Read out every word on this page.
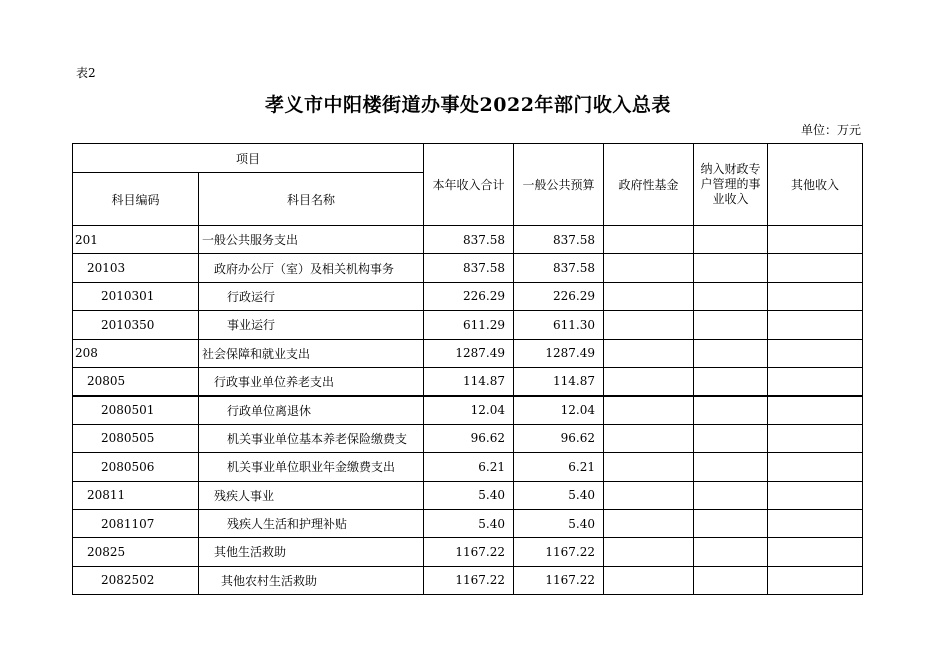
表2
孝义市中阳楼街道办事处2022年部门收入总表
单位：万元
项目		本年收入合计	一般公共预算	政府性基金	纳入财政专户管理的事业收入	其他收入
科目编码	科目名称					
201	一般公共服务支出	837.58	837.58			
20103	政府办公厅（室）及相关机构事务	837.58	837.58			
2010301	行政运行	226.29	226.29			
2010350	事业运行	611.29	611.30			
208	社会保障和就业支出	1287.49	1287.49			
20805	行政事业单位养老支出	114.87	114.87			
2080501	行政单位离退休	12.04	12.04			
2080505	机关事业单位基本养老保险缴费支	96.62	96.62			
2080506	机关事业单位职业年金缴费支出	6.21	6.21			
20811	残疾人事业	5.40	5.40			
2081107	残疾人生活和护理补贴	5.40	5.40			
20825	其他生活救助	1167.22	1167.22			
2082502	其他农村生活救助	1167.22	1167.22			
